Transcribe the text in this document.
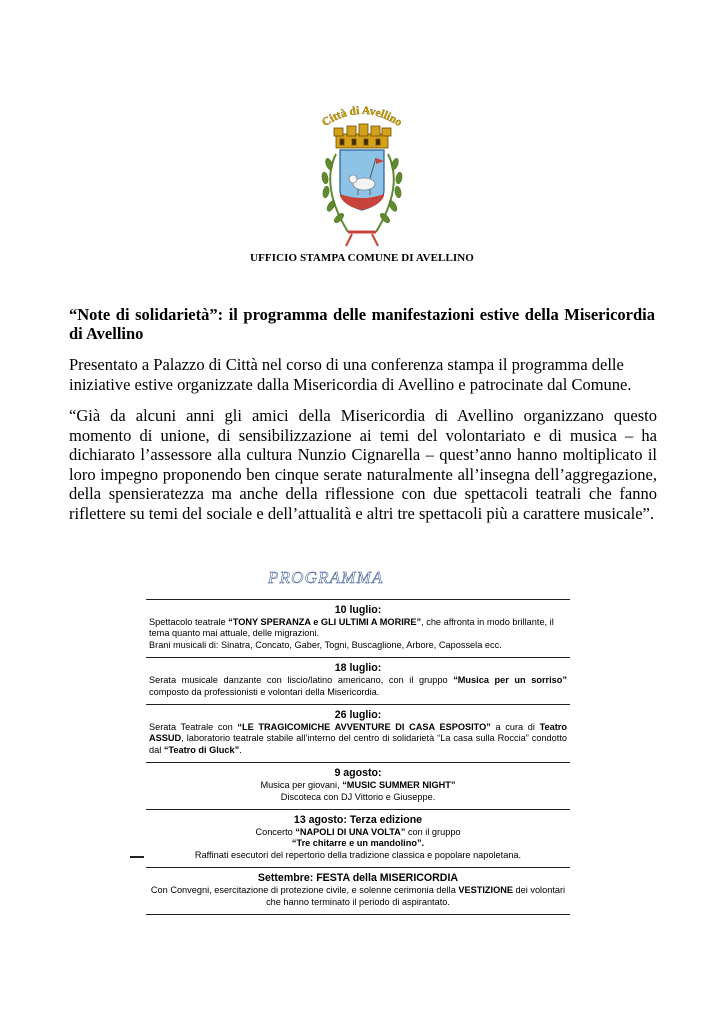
Città di Avellino
UFFICIO STAMPA COMUNE DI AVELLINO
“Note di solidarietà”: il programma delle manifestazioni estive della Misericordia di Avellino
Presentato a Palazzo di Città nel corso di una conferenza stampa il programma delle iniziative estive organizzate dalla Misericordia di Avellino e patrocinate dal Comune.
“Già da alcuni anni gli amici della Misericordia di Avellino organizzano questo momento di unione, di sensibilizzazione ai temi del volontariato e di musica – ha dichiarato l’assessore alla cultura Nunzio Cignarella – quest’anno hanno moltiplicato il loro impegno proponendo ben cinque serate naturalmente all’insegna dell’aggregazione, della spensieratezza ma anche della riflessione con due spettacoli teatrali che fanno riflettere su temi del sociale e dell’attualità e altri tre spettacoli più a carattere musicale”.
PROGRAMMA
10 luglio:
Spettacolo teatrale “TONY SPERANZA e GLI ULTIMI A MORIRE”, che affronta in modo brillante, il tema quanto mai attuale, delle migrazioni.
Brani musicali di: Sinatra, Concato, Gaber, Togni, Buscaglione, Arbore, Capossela ecc.
18 luglio:
Serata musicale danzante con liscio/latino americano, con il gruppo “Musica per un sorriso” composto da professionisti e volontari della Misericordia.
26 luglio:
Serata Teatrale con “LE TRAGICOMICHE AVVENTURE DI CASA ESPOSITO” a cura di Teatro ASSUD, laboratorio teatrale stabile all’interno del centro di solidarietà “La casa sulla Roccia” condotto dal “Teatro di Gluck”.
9 agosto:
Musica per giovani, “MUSIC SUMMER NIGHT”
Discoteca con DJ Vittorio e Giuseppe.
13 agosto: Terza edizione
Concerto “NAPOLI DI UNA VOLTA” con il gruppo
“Tre chitarre e un mandolino”.
Raffinati esecutori del repertorio della tradizione classica e popolare napoletana.
Settembre: FESTA della MISERICORDIA
Con Convegni, esercitazione di protezione civile, e solenne cerimonia della VESTIZIONE dei volontari che hanno terminato il periodo di aspirantato.
